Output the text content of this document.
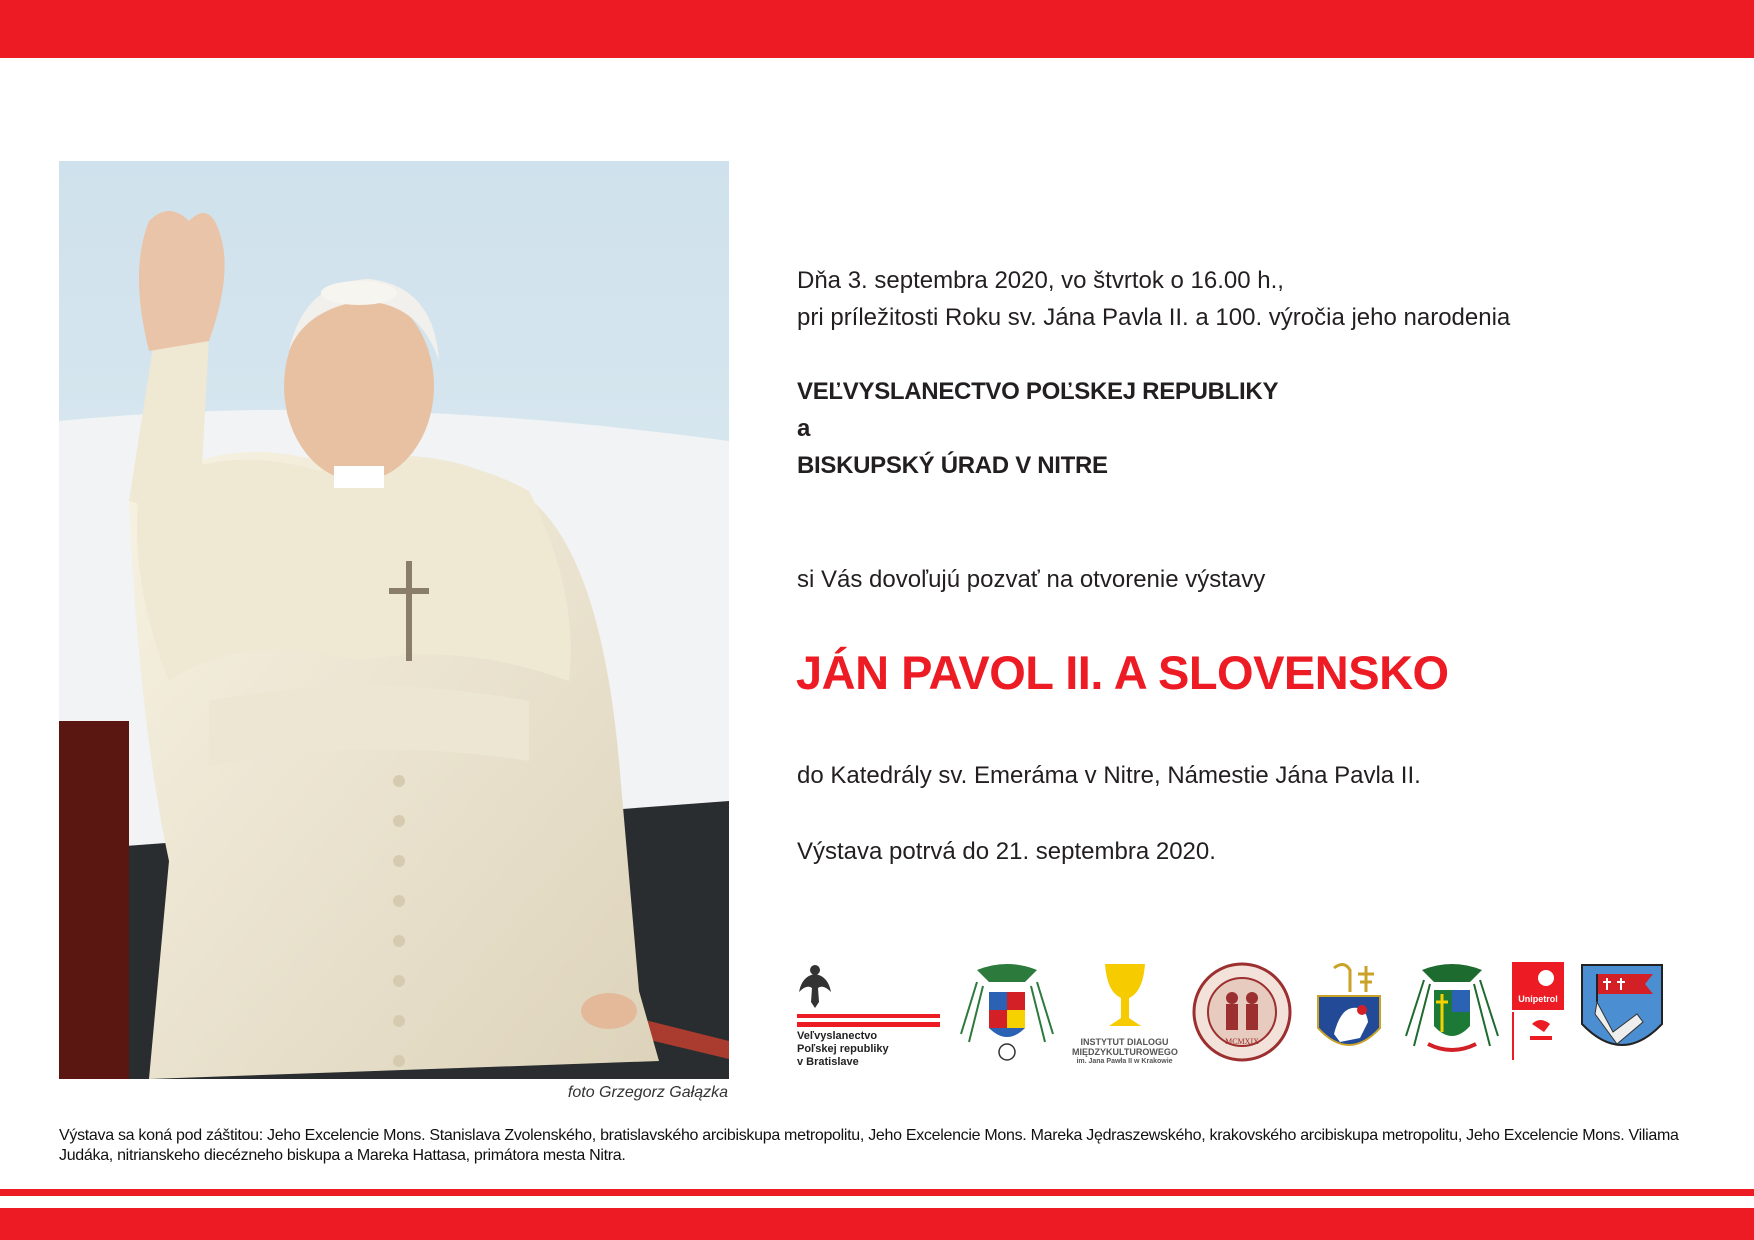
foto Grzegorz Gałązka
Dňa 3. septembra 2020, vo štvrtok o 16.00 h.,
pri príležitosti Roku sv. Jána Pavla II. a 100. výročia jeho narodenia
VEĽVYSLANECTVO POĽSKEJ REPUBLIKY
a
BISKUPSKÝ ÚRAD V NITRE
si Vás dovoľujú pozvať na otvorenie výstavy
JÁN PAVOL II. A SLOVENSKO
do Katedrály sv. Emeráma v Nitre, Námestie Jána Pavla II.
Výstava potrvá do 21. septembra 2020.
Veľvyslanectvo
Poľskej republiky
v Bratislave
INSTYTUT DIALOGU
MIĘDZYKULTUROWEGO
im. Jana Pawła II w Krakowie
MCMXIX
Unipetrol
Výstava sa koná pod záštitou: Jeho Excelencie Mons. Stanislava Zvolenského, bratislavského arcibiskupa metropolitu, Jeho Excelencie Mons. Mareka Jędraszewského, krakovského arcibiskupa metropolitu, Jeho Excelencie Mons. Viliama Judáka, nitrianskeho diecézneho biskupa a Mareka Hattasa, primátora mesta Nitra.
